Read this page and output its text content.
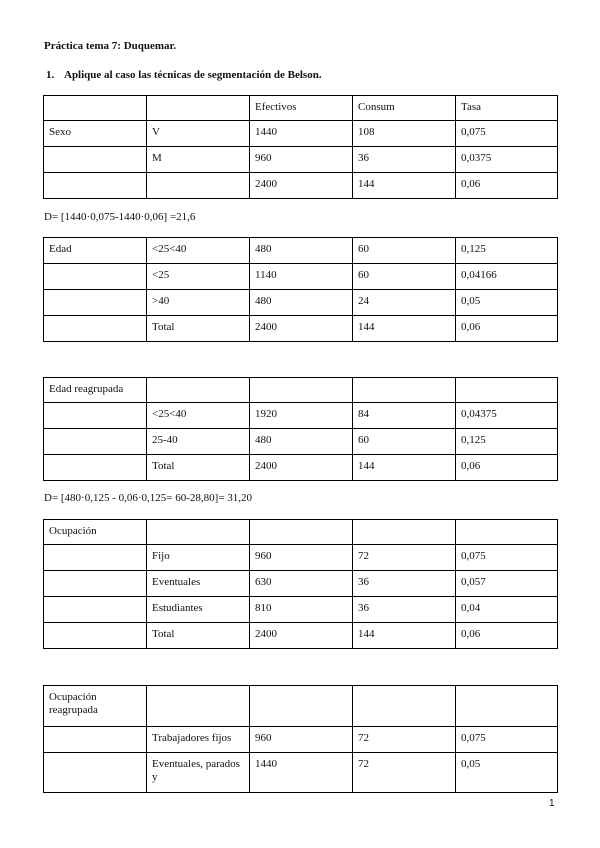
Práctica tema 7: Duquemar.

1. Aplique al caso las técnicas de segmentación de Belson.

		Efectivos	Consum	Tasa
Sexo	V	1440	108	0,075
	M	960	36	0,0375
		2400	144	0,06

D= [1440·0,075-1440·0,06] =21,6

Edad	<25<40	480	60	0,125
	<25	1140	60	0,04166
	>40	480	24	0,05
	Total	2400	144	0,06
Edad reagrupada				
	<25<40	1920	84	0,04375
	25-40	480	60	0,125
	Total	2400	144	0,06

D= [480·0,125 - 0,06·0,125= 60-28,80]= 31,20

Ocupación				
	Fijo	960	72	0,075
	Eventuales	630	36	0,057
	Estudiantes	810	36	0,04
	Total	2400	144	0,06
Ocupación reagrupada				
	Trabajadores fijos	960	72	0,075
	Eventuales, parados y	1440	72	0,05
1
